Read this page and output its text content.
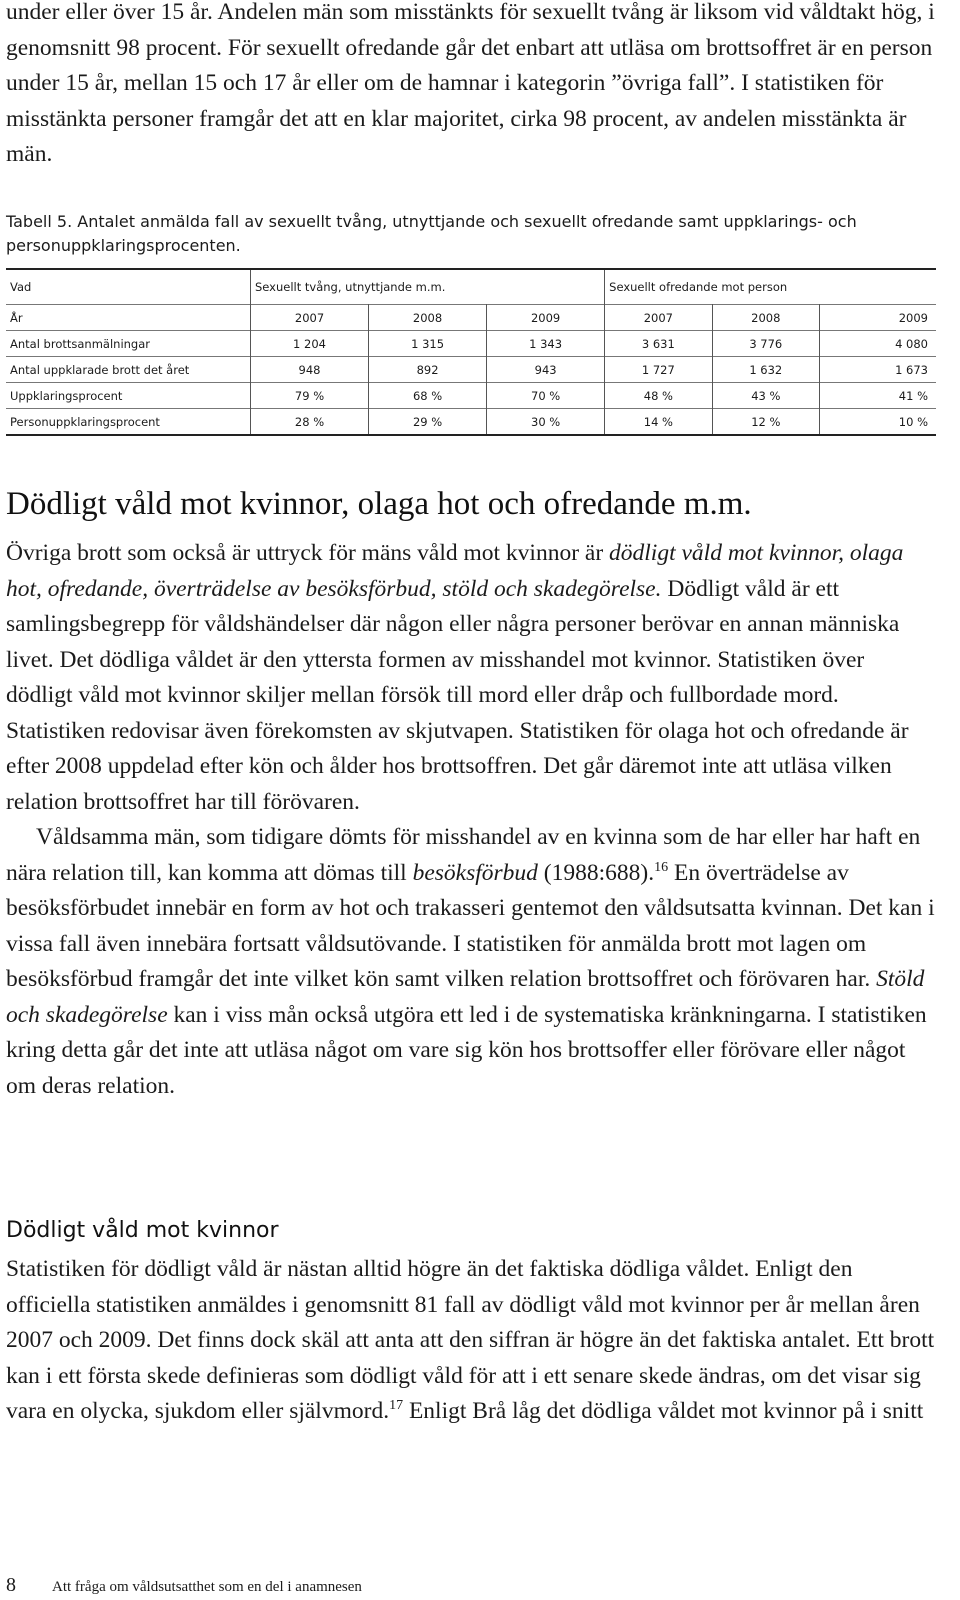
under eller över 15 år. Andelen män som misstänkts för sexuellt tvång är liksom vid våldtakt hög, i genomsnitt 98 procent. För sexuellt ofredande går det enbart att utläsa om brottsoffret är en person under 15 år, mellan 15 och 17 år eller om de hamnar i kategorin ”övriga fall”. I statistiken för misstänkta personer framgår det att en klar majoritet, cirka 98 procent, av andelen misstänkta är män.

Tabell 5. Antalet anmälda fall av sexuellt tvång, utnyttjande och sexuellt ofredande samt uppklarings- och personuppklaringsprocenten.

Vad	Sexuellt tvång, utnyttjande m.m.			Sexuellt ofredande mot person		
År	2007	2008	2009	2007	2008	2009
Antal brottsanmälningar	1 204	1 315	1 343	3 631	3 776	4 080
Antal uppklarade brott det året	948	892	943	1 727	1 632	1 673
Uppklaringsprocent	79 %	68 %	70 %	48 %	43 %	41 %
Personuppklaringsprocent	28 %	29 %	30 %	14 %	12 %	10 %
Dödligt våld mot kvinnor, olaga hot och ofredande m.m.

Övriga brott som också är uttryck för mäns våld mot kvinnor är dödligt våld mot kvinnor, olaga hot, ofredande, överträdelse av besöksförbud, stöld och skadegörelse. Dödligt våld är ett samlingsbegrepp för våldshändelser där någon eller några personer berövar en annan människa livet. Det dödliga våldet är den yttersta formen av misshandel mot kvinnor. Statistiken över dödligt våld mot kvinnor skiljer mellan försök till mord eller dråp och fullbordade mord. Statistiken redovisar även förekomsten av skjutvapen. Statistiken för olaga hot och ofredande är efter 2008 uppdelad efter kön och ålder hos brottsoffren. Det går däremot inte att utläsa vilken relation brottsoffret har till förövaren.

Våldsamma män, som tidigare dömts för misshandel av en kvinna som de har eller har haft en nära relation till, kan komma att dömas till besöksförbud (1988:688).$^{16}$ En överträdelse av besöksförbudet innebär en form av hot och trakasseri gentemot den våldsutsatta kvinnan. Det kan i vissa fall även innebära fortsatt våldsutövande. I statistiken för anmälda brott mot lagen om besöksförbud framgår det inte vilket kön samt vilken relation brottsoffret och förövaren har. Stöld och skadegörelse kan i viss mån också utgöra ett led i de systematiska kränkningarna. I statistiken kring detta går det inte att utläsa något om vare sig kön hos brottsoffer eller förövare eller något om deras relation.

Dödligt våld mot kvinnor

Statistiken för dödligt våld är nästan alltid högre än det faktiska dödliga våldet. Enligt den officiella statistiken anmäldes i genomsnitt 81 fall av dödligt våld mot kvinnor per år mellan åren 2007 och 2009. Det finns dock skäl att anta att den siffran är högre än det faktiska antalet. Ett brott kan i ett första skede definieras som dödligt våld för att i ett senare skede ändras, om det visar sig vara en olycka, sjukdom eller självmord.$^{17}$ Enligt Brå låg det dödliga våldet mot kvinnor på i snitt

8 Att fråga om våldsutsatthet som en del i anamnesen
